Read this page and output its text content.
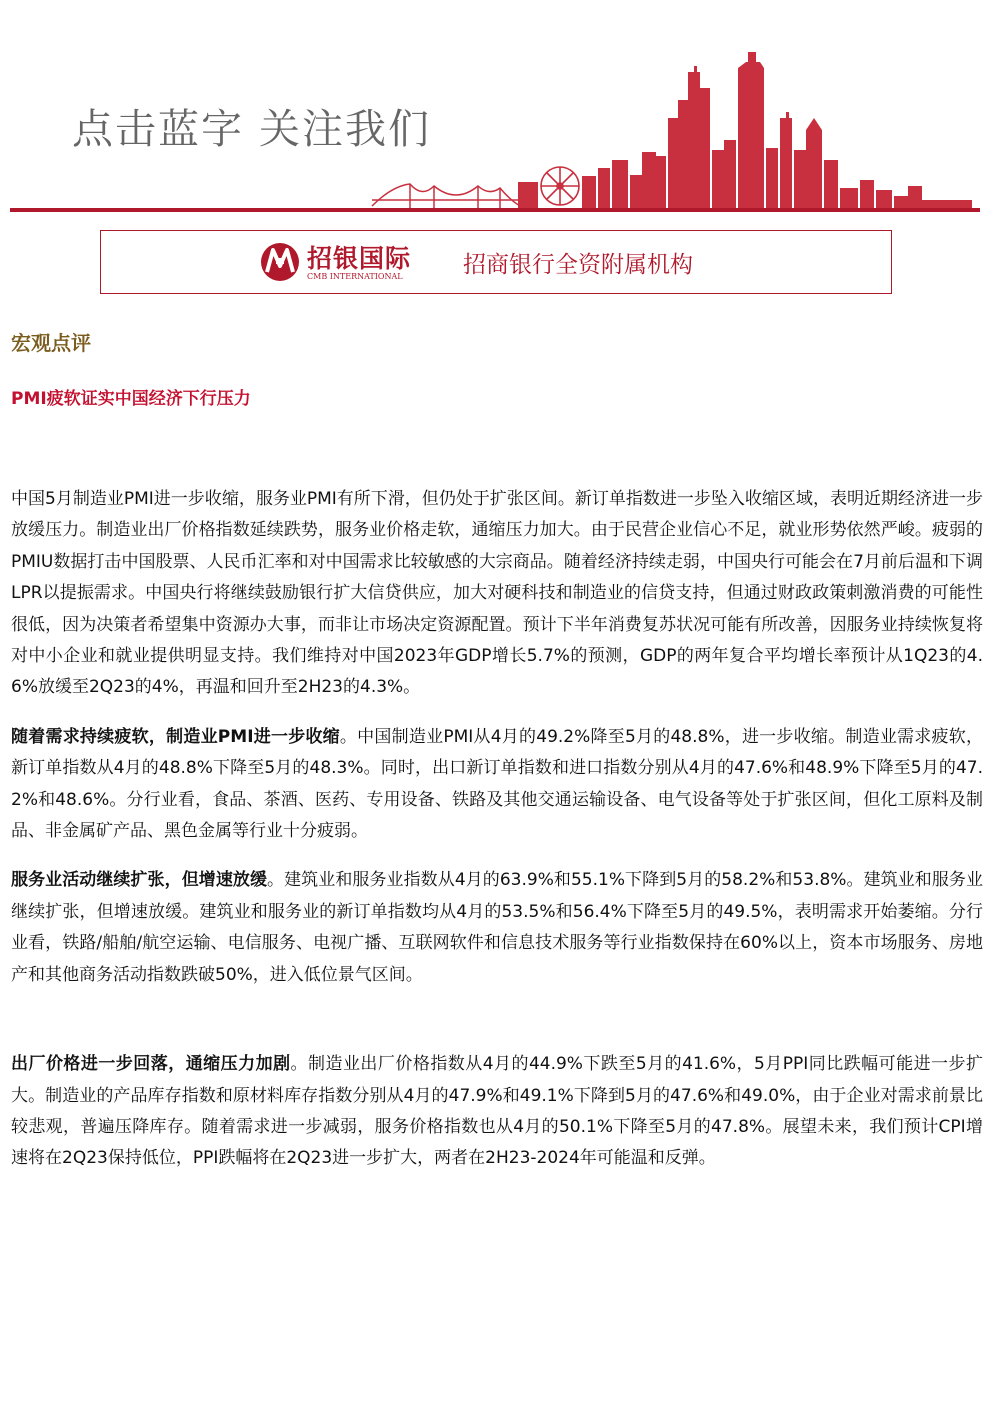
点击蓝字 关注我们
招银国际
CMB INTERNATIONAL	招商银行全资附属机构
宏观点评
PMI疲软证实中国经济下行压力

中国5月制造业PMI进一步收缩，服务业PMI有所下滑，但仍处于扩张区间。新订单指数进一步坠入收缩区域，表明近期经济进一步放缓压力。制造业出厂价格指数延续跌势，服务业价格走软，通缩压力加大。由于民营企业信心不足，就业形势依然严峻。疲弱的PMIU数据打击中国股票、人民币汇率和对中国需求比较敏感的大宗商品。随着经济持续走弱，中国央行可能会在7月前后温和下调LPR以提振需求。中国央行将继续鼓励银行扩大信贷供应，加大对硬科技和制造业的信贷支持，但通过财政政策刺激消费的可能性很低，因为决策者希望集中资源办大事，而非让市场决定资源配置。预计下半年消费复苏状况可能有所改善，因服务业持续恢复将对中小企业和就业提供明显支持。我们维持对中国2023年GDP增长5.7%的预测，GDP的两年复合平均增长率预计从1Q23的4.6%放缓至2Q23的4%，再温和回升至2H23的4.3%。

随着需求持续疲软，制造业PMI进一步收缩。中国制造业PMI从4月的49.2%降至5月的48.8%，进一步收缩。制造业需求疲软，新订单指数从4月的48.8%下降至5月的48.3%。同时，出口新订单指数和进口指数分别从4月的47.6%和48.9%下降至5月的47.2%和48.6%。分行业看，食品、茶酒、医药、专用设备、铁路及其他交通运输设备、电气设备等处于扩张区间，但化工原料及制品、非金属矿产品、黑色金属等行业十分疲弱。

服务业活动继续扩张，但增速放缓。建筑业和服务业指数从4月的63.9%和55.1%下降到5月的58.2%和53.8%。建筑业和服务业继续扩张，但增速放缓。建筑业和服务业的新订单指数均从4月的53.5%和56.4%下降至5月的49.5%，表明需求开始萎缩。分行业看，铁路/船舶/航空运输、电信服务、电视广播、互联网软件和信息技术服务等行业指数保持在60%以上，资本市场服务、房地产和其他商务活动指数跌破50%，进入低位景气区间。

出厂价格进一步回落，通缩压力加剧。制造业出厂价格指数从4月的44.9%下跌至5月的41.6%，5月PPI同比跌幅可能进一步扩大。制造业的产品库存指数和原材料库存指数分别从4月的47.9%和49.1%下降到5月的47.6%和49.0%，由于企业对需求前景比较悲观，普遍压降库存。随着需求进一步减弱，服务价格指数也从4月的50.1%下降至5月的47.8%。展望未来，我们预计CPI增速将在2Q23保持低位，PPI跌幅将在2Q23进一步扩大，两者在2H23-2024年可能温和反弹。
